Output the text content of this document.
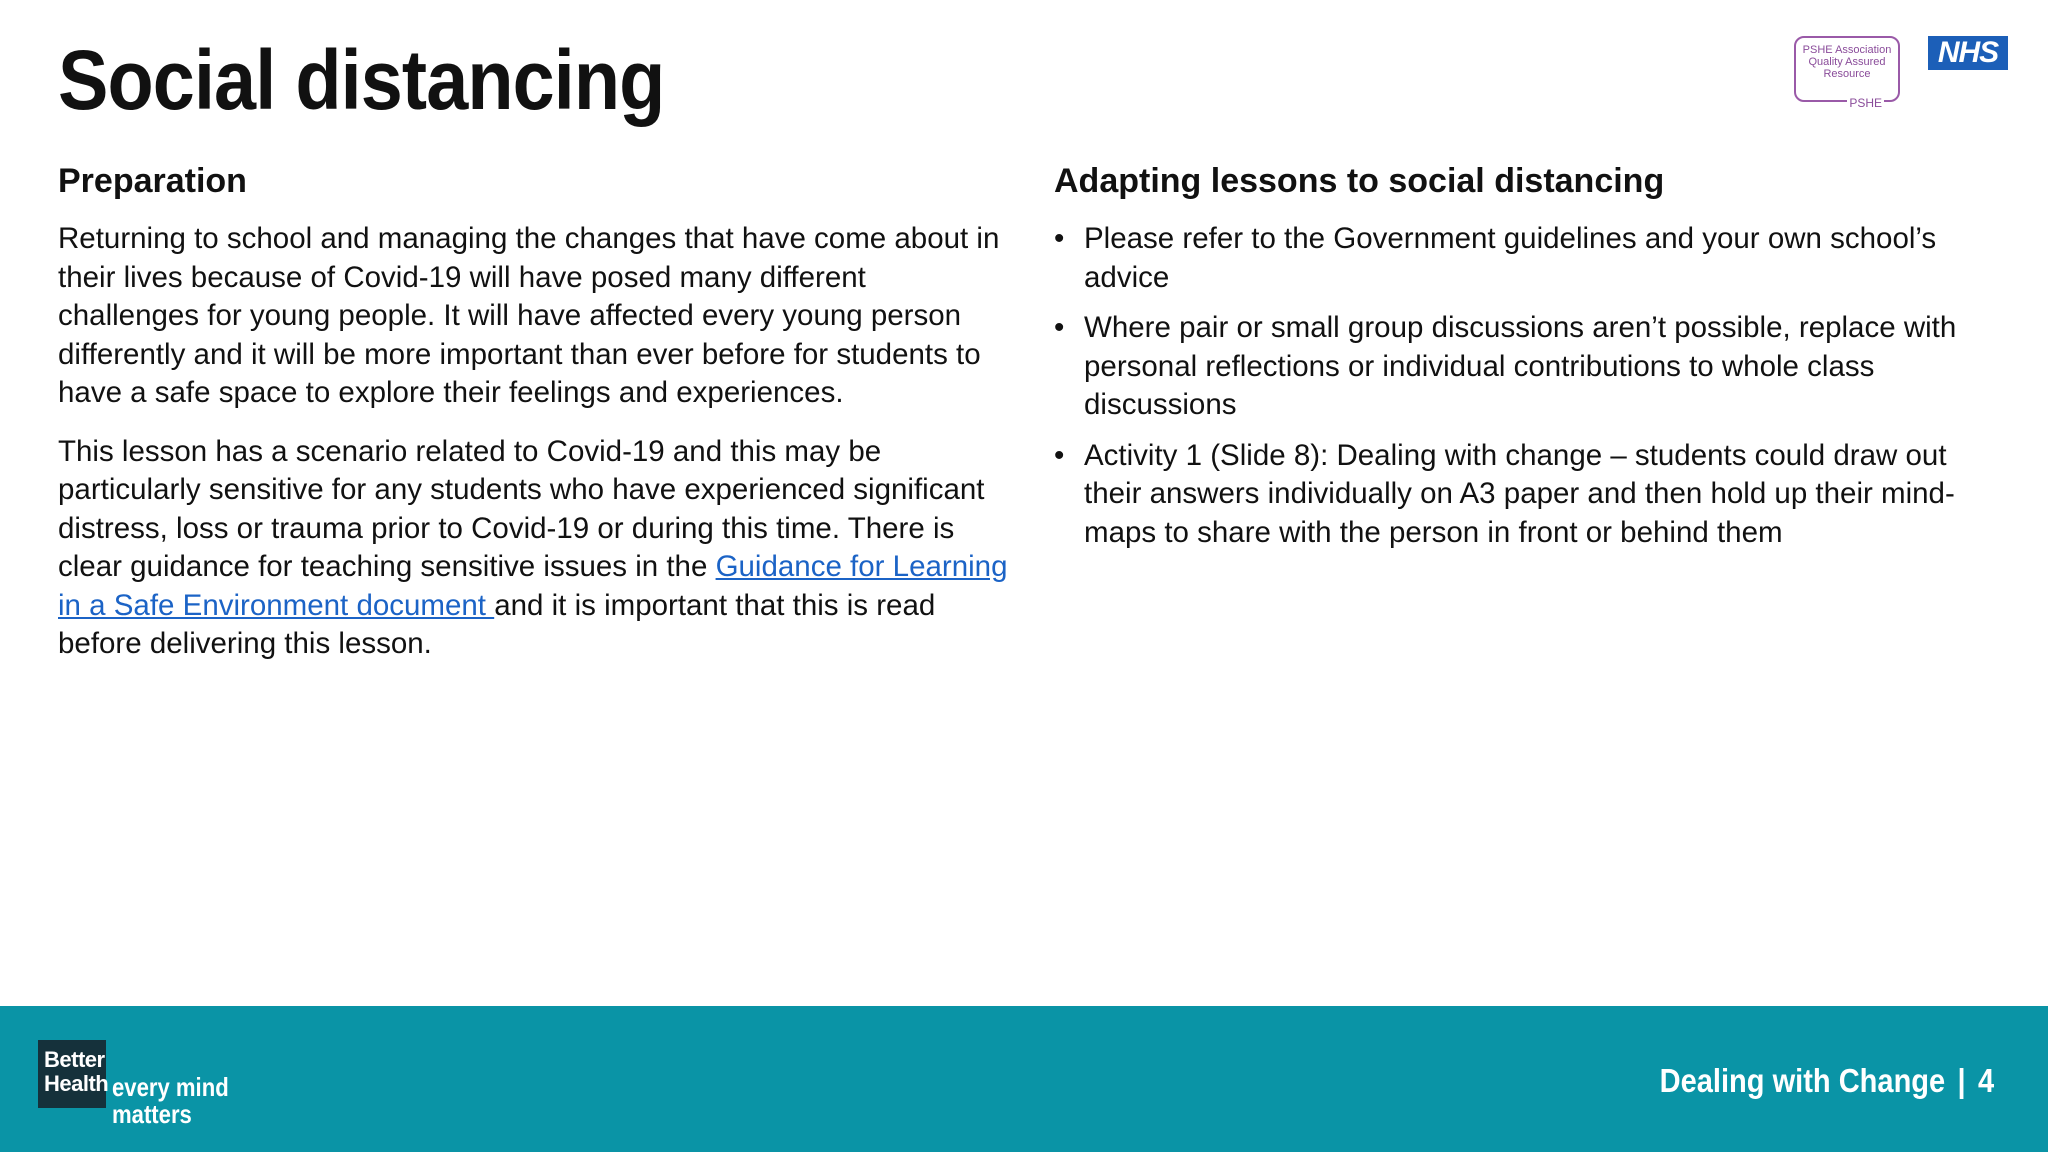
Social distancing	PSHE Association
Quality Assured
Resource
PSHE
NHS
Preparation

Returning to school and managing the changes that have come about in their lives because of Covid-19 will have posed many different challenges for young people. It will have affected every young person differently and it will be more important than ever before for students to have a safe space to explore their feelings and experiences.

This lesson has a scenario related to Covid-19 and this may be particularly sensitive for any students who have experienced significant distress, loss or trauma prior to Covid-19 or during this time. There is clear guidance for teaching sensitive issues in the Guidance for Learning in a Safe Environment document and it is important that this is read before delivering this lesson.

Adapting lessons to social distancing
• Please refer to the Government guidelines and your own school’s advice
• Where pair or small group discussions aren’t possible, replace with personal reflections or individual contributions to whole class discussions
• Activity 1 (Slide 8): Dealing with change – students could draw out their answers individually on A3 paper and then hold up their mind-maps to share with the person in front or behind them
Better
Health every mind
matters
Dealing with Change | 4
